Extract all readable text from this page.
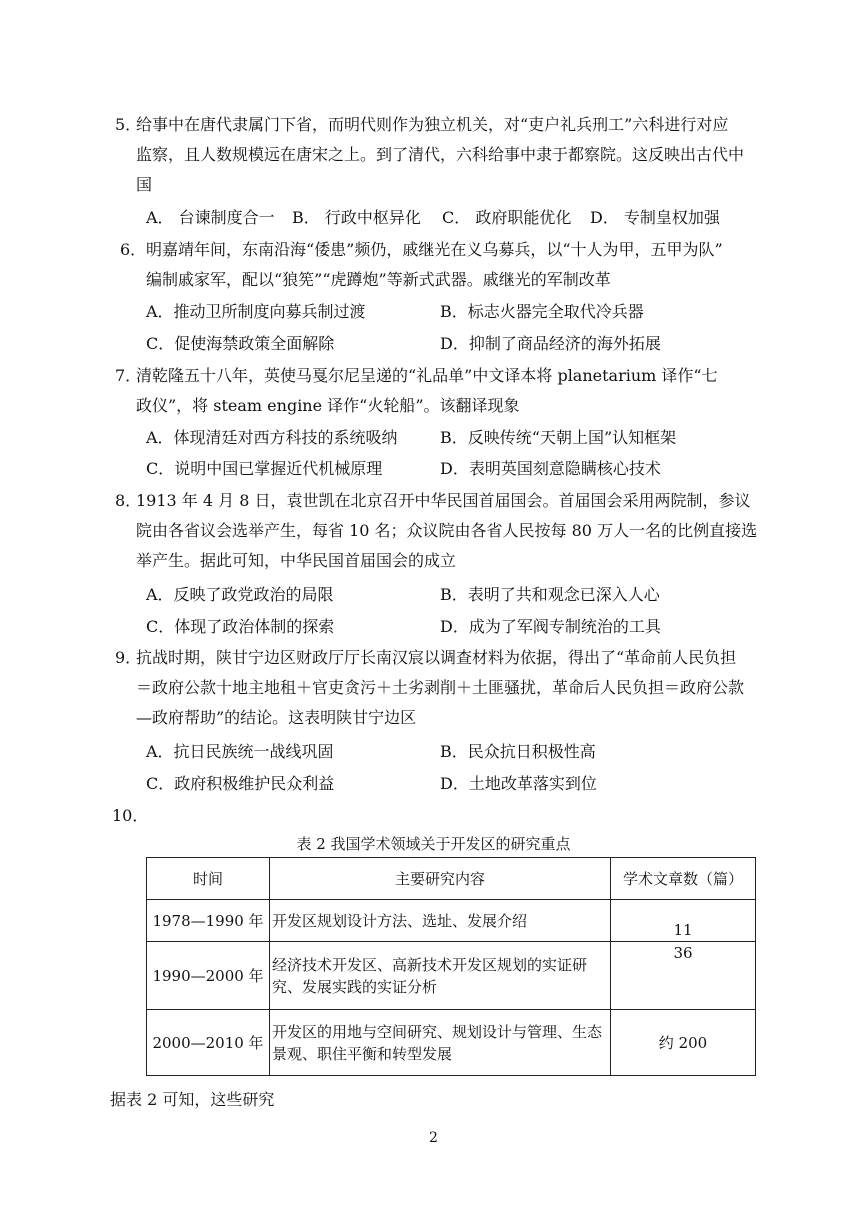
5．
给事中在唐代隶属门下省，而明代则作为独立机关，对“吏户礼兵刑工”六科进行对应
监察，且人数规模远在唐宋之上。到了清代，六科给事中隶于都察院。这反映出古代中
国
A． 台谏制度合一 B． 行政中枢异化 C． 政府职能优化 D． 专制皇权加强
6． 明嘉靖年间，东南沿海“倭患”频仍，戚继光在义乌募兵，以“十人为甲，五甲为队”
编制戚家军，配以“狼筅”“虎蹲炮”等新式武器。戚继光的军制改革
A．推动卫所制度向募兵制过渡	B．标志火器完全取代冷兵器
C．促使海禁政策全面解除	D．抑制了商品经济的海外拓展
7．
清乾隆五十八年，英使马戛尔尼呈递的“礼品单”中文译本将 planetarium 译作“七
政仪”，将 steam engine 译作“火轮船”。该翻译现象
A．体现清廷对西方科技的系统吸纳	B．反映传统“天朝上国”认知框架
C．说明中国已掌握近代机械原理	D．表明英国刻意隐瞒核心技术
8．
1913 年 4 月 8 日，袁世凯在北京召开中华民国首届国会。首届国会采用两院制，参议
院由各省议会选举产生，每省 10 名；众议院由各省人民按每 80 万人一名的比例直接选
举产生。据此可知，中华民国首届国会的成立
A．反映了政党政治的局限	B．表明了共和观念已深入人心
C．体现了政治体制的探索	D．成为了军阀专制统治的工具
9．
抗战时期，陕甘宁边区财政厅厅长南汉宸以调查材料为依据，得出了“革命前人民负担
＝政府公款十地主地租＋官吏贪污＋土劣剥削＋土匪骚扰，革命后人民负担＝政府公款
—政府帮助”的结论。这表明陕甘宁边区
A．抗日民族统一战线巩固	B．民众抗日积极性高
C．政府积极维护民众利益	D．土地改革落实到位
10．
表 2 我国学术领域关于开发区的研究重点
时间	主要研究内容	学术文章数（篇）
1978—1990 年	开发区规划设计方法、选址、发展介绍	11
1990—2000 年	经济技术开发区、高新技术开发区规划的实证研究、发展实践的实证分析	36
2000—2010 年	开发区的用地与空间研究、规划设计与管理、生态景观、职住平衡和转型发展	约 200
据表 2 可知，这些研究
2
